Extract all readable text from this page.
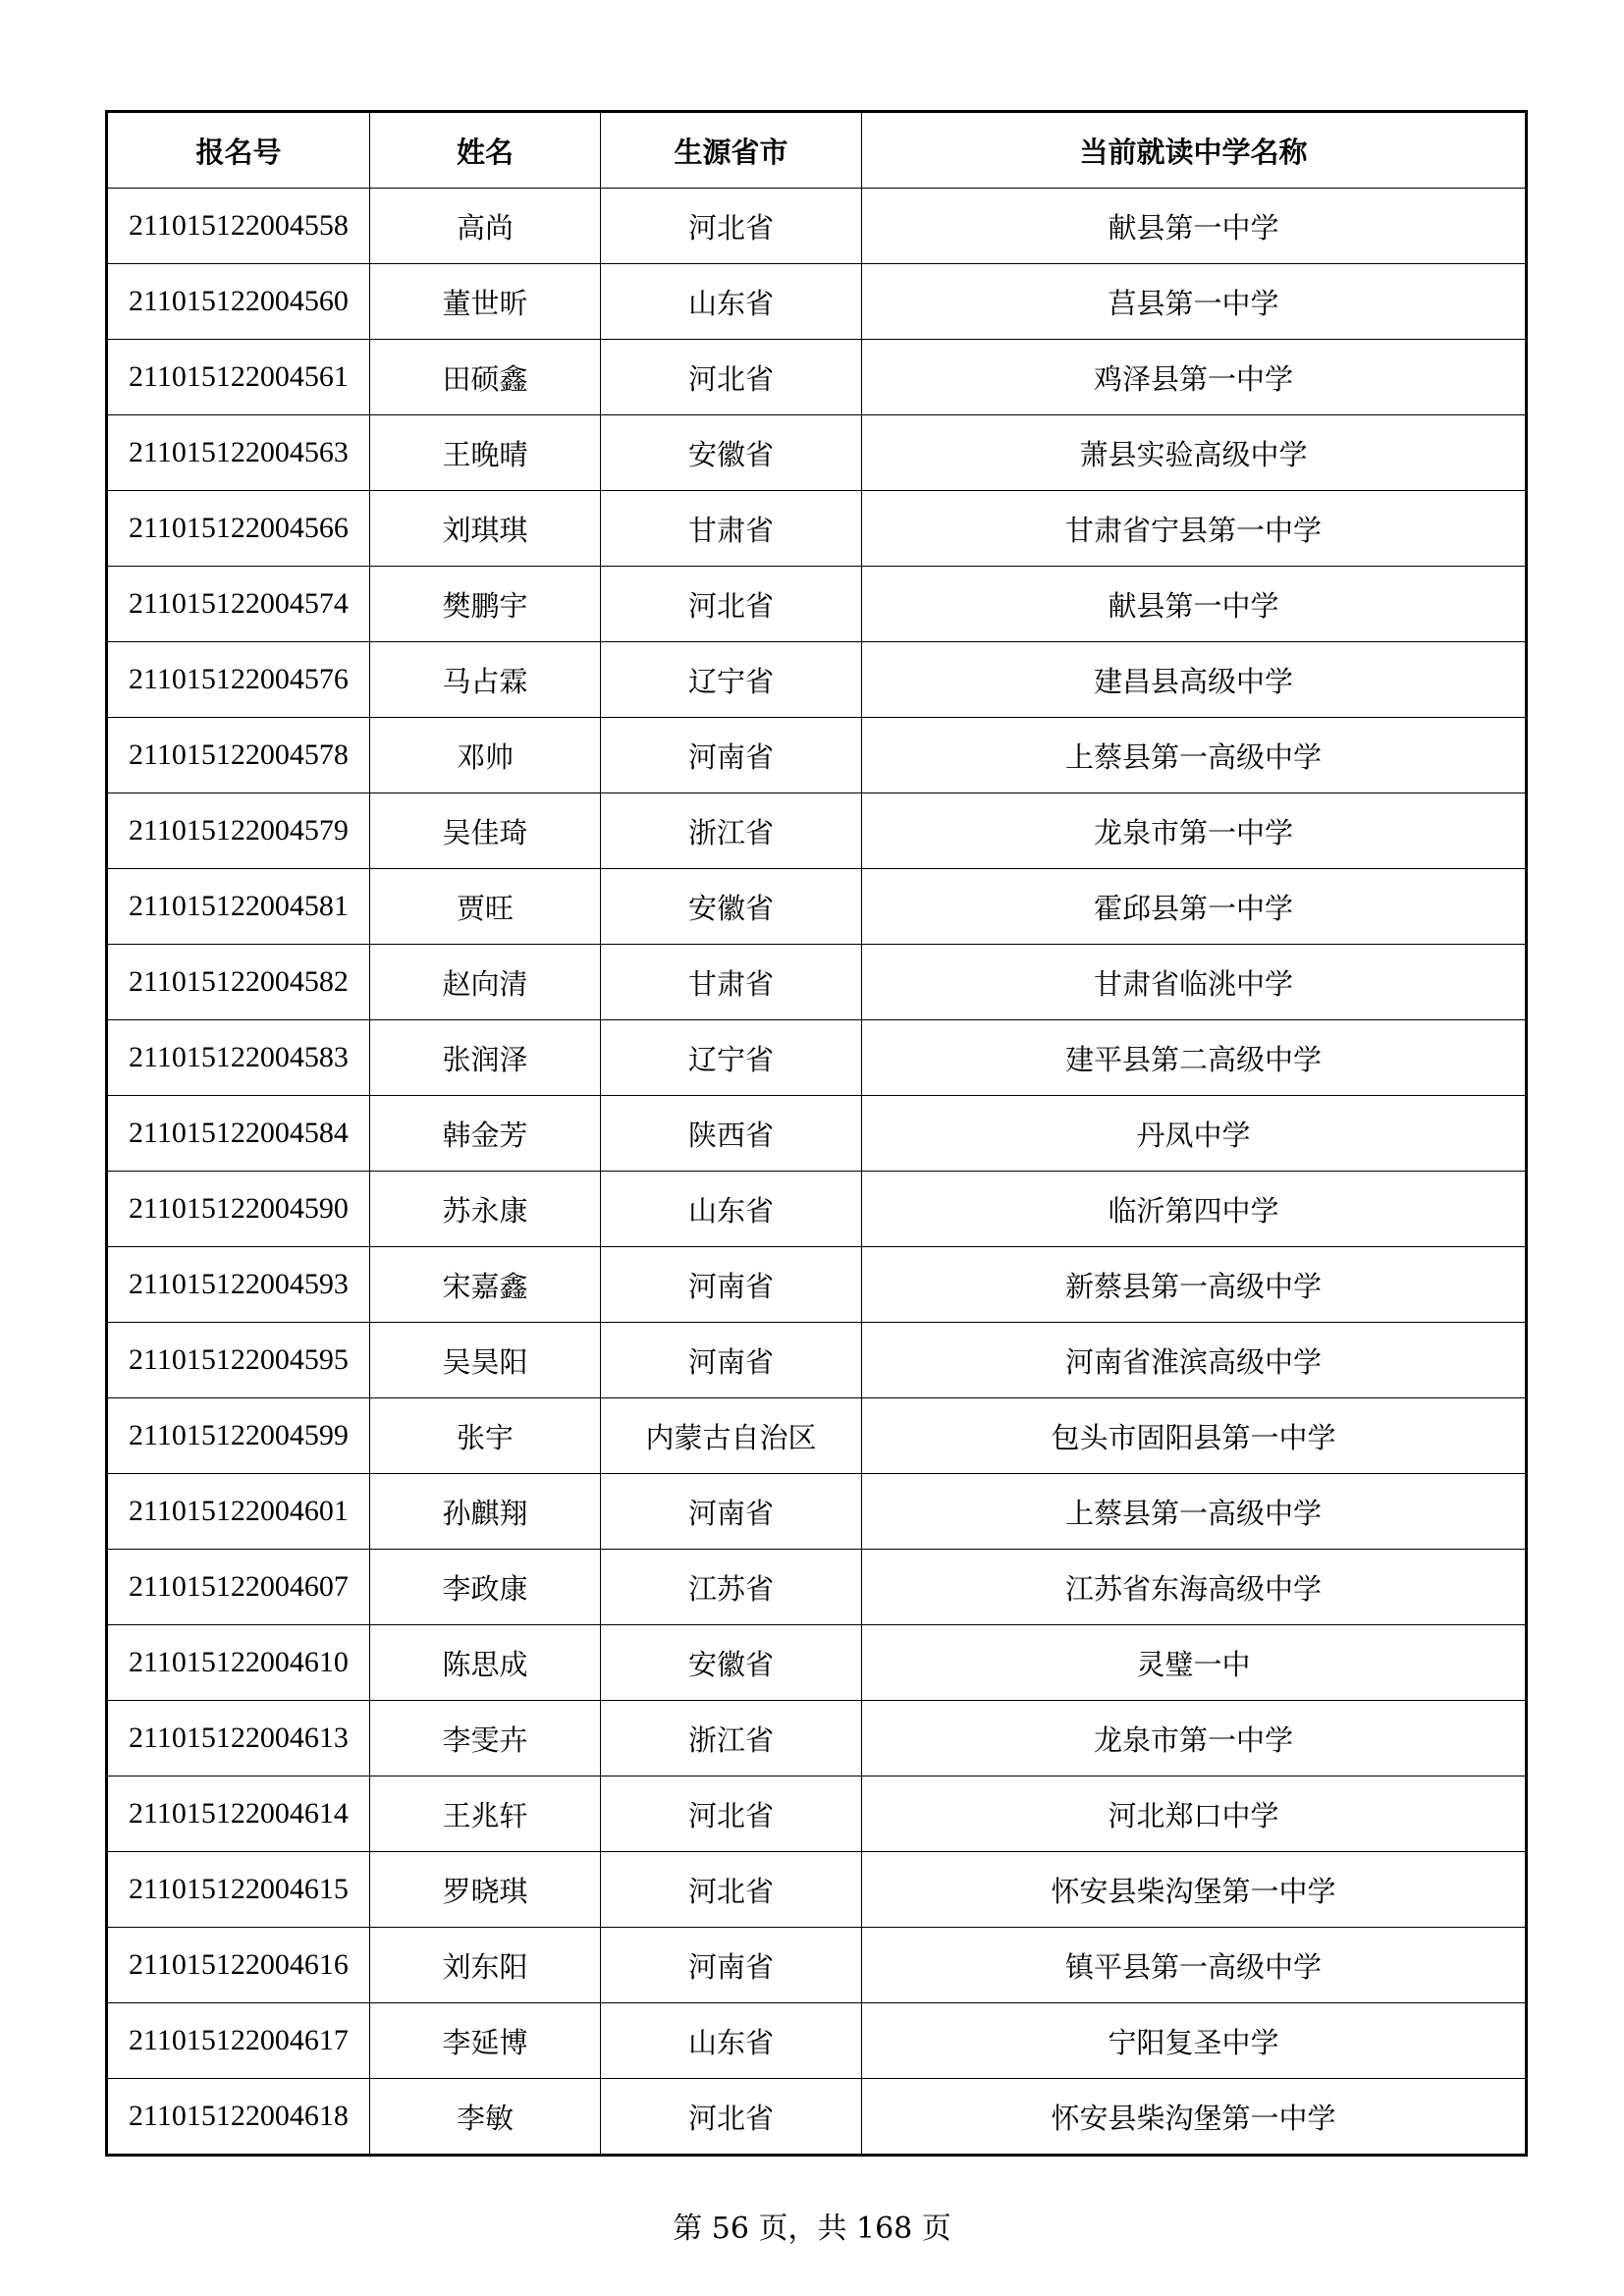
报名号	姓名	生源省市	当前就读中学名称
211015122004558	高尚	河北省	献县第一中学
211015122004560	董世昕	山东省	莒县第一中学
211015122004561	田硕鑫	河北省	鸡泽县第一中学
211015122004563	王晚晴	安徽省	萧县实验高级中学
211015122004566	刘琪琪	甘肃省	甘肃省宁县第一中学
211015122004574	樊鹏宇	河北省	献县第一中学
211015122004576	马占霖	辽宁省	建昌县高级中学
211015122004578	邓帅	河南省	上蔡县第一高级中学
211015122004579	吴佳琦	浙江省	龙泉市第一中学
211015122004581	贾旺	安徽省	霍邱县第一中学
211015122004582	赵向清	甘肃省	甘肃省临洮中学
211015122004583	张润泽	辽宁省	建平县第二高级中学
211015122004584	韩金芳	陕西省	丹凤中学
211015122004590	苏永康	山东省	临沂第四中学
211015122004593	宋嘉鑫	河南省	新蔡县第一高级中学
211015122004595	吴昊阳	河南省	河南省淮滨高级中学
211015122004599	张宇	内蒙古自治区	包头市固阳县第一中学
211015122004601	孙麒翔	河南省	上蔡县第一高级中学
211015122004607	李政康	江苏省	江苏省东海高级中学
211015122004610	陈思成	安徽省	灵璧一中
211015122004613	李雯卉	浙江省	龙泉市第一中学
211015122004614	王兆轩	河北省	河北郑口中学
211015122004615	罗晓琪	河北省	怀安县柴沟堡第一中学
211015122004616	刘东阳	河南省	镇平县第一高级中学
211015122004617	李延博	山东省	宁阳复圣中学
211015122004618	李敏	河北省	怀安县柴沟堡第一中学
第 56 页，共 168 页
